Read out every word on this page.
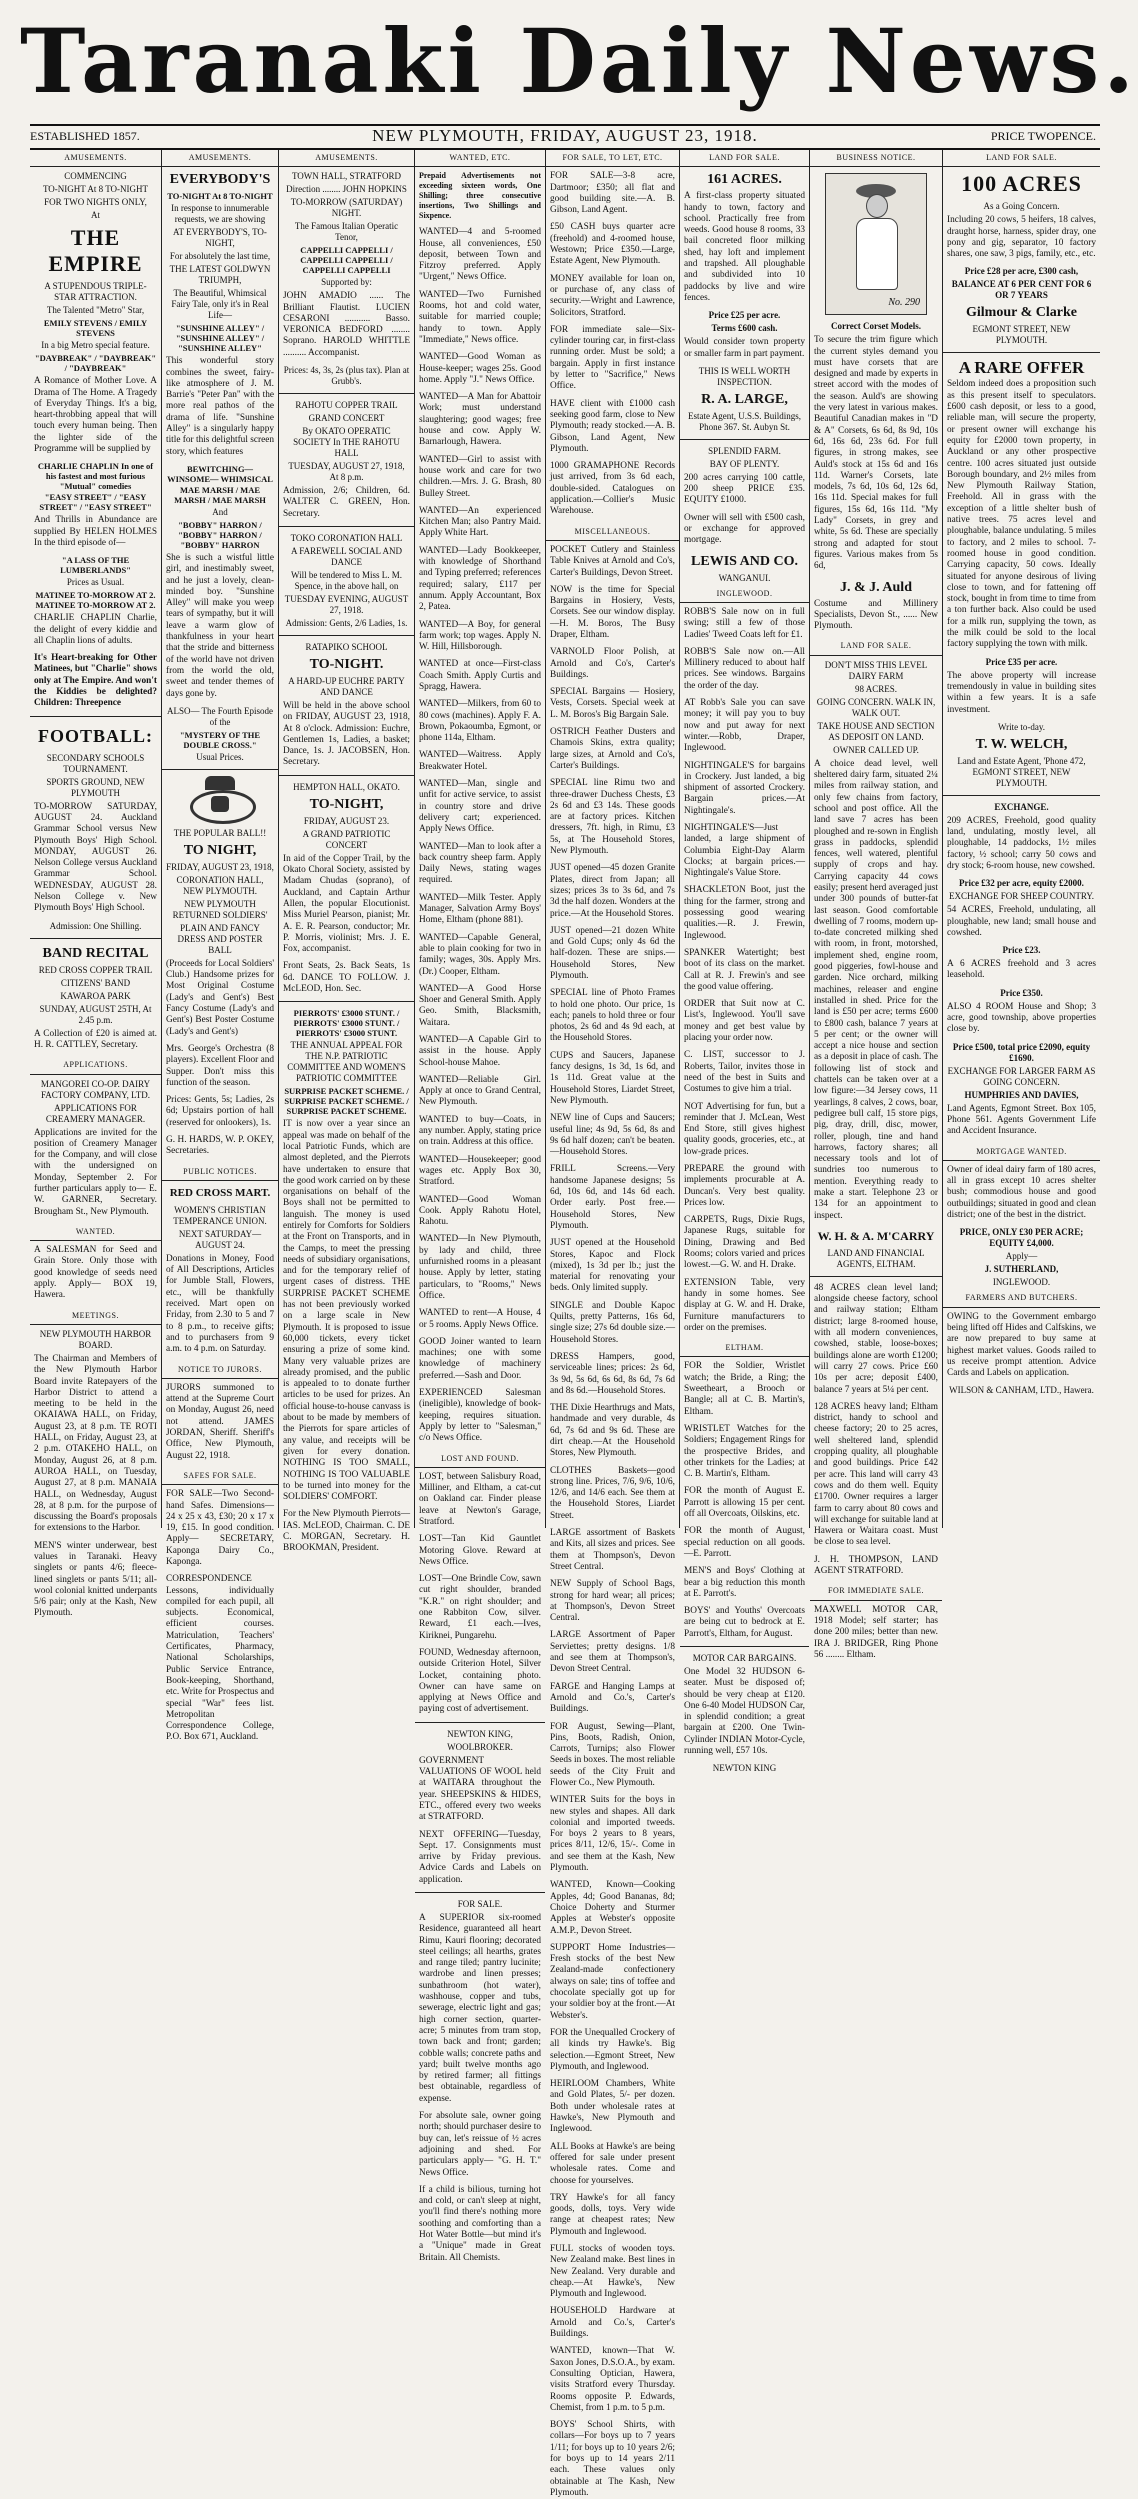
Taranaki Daily News.
ESTABLISHED 1857.	NEW PLYMOUTH, FRIDAY, AUGUST 23, 1918.	PRICE TWOPENCE.
AMUSEMENTS.
COMMENCING
TO-NIGHT At 8 TO-NIGHT
FOR TWO NIGHTS ONLY,
At
THE EMPIRE
A STUPENDOUS TRIPLE-STAR ATTRACTION.
The Talented "Metro" Star,
EMILY STEVENS / EMILY STEVENS
In a big Metro special feature.
"DAYBREAK" / "DAYBREAK" / "DAYBREAK"
A Romance of Mother Love. A Drama of The Home. A Tragedy of Everyday Things. It's a big, heart-throbbing appeal that will touch every human being. Then the lighter side of the Programme will be supplied by
CHARLIE CHAPLIN In one of his fastest and most furious "Mutual" comedies
"EASY STREET" / "EASY STREET" / "EASY STREET"
And Thrills in Abundance are supplied By HELEN HOLMES In the third episode of—
"A LASS OF THE LUMBERLANDS"
Prices as Usual.
MATINEE TO-MORROW AT 2. MATINEE TO-MORROW AT 2.
CHARLIE CHAPLIN Charlie, the delight of every kiddie and all Chaplin lions of adults.
It's Heart-breaking for Other Matinees, but "Charlie" shows only at The Empire. And won't the Kiddies be delighted? Children: Threepence
FOOTBALL:
SECONDARY SCHOOLS TOURNAMENT.
SPORTS GROUND, NEW PLYMOUTH
TO-MORROW SATURDAY, AUGUST 24. Auckland Grammar School versus New Plymouth Boys' High School. MONDAY, AUGUST 26. Nelson College versus Auckland Grammar School. WEDNESDAY, AUGUST 28. Nelson College v. New Plymouth Boys' High School.
Admission: One Shilling.
BAND RECITAL
RED CROSS COPPER TRAIL
CITIZENS' BAND
KAWAROA PARK
SUNDAY, AUGUST 25TH, At 2.45 p.m.
A Collection of £20 is aimed at. H. R. CATTLEY, Secretary.
APPLICATIONS.
MANGOREI CO-OP. DAIRY FACTORY COMPANY, LTD.
APPLICATIONS FOR CREAMERY MANAGER.
Applications are invited for the position of Creamery Manager for the Company, and will close with the undersigned on Monday, September 2. For further particulars apply to— E. W. GARNER, Secretary. Brougham St., New Plymouth.
WANTED.
A SALESMAN for Seed and Grain Store. Only those with good knowledge of seeds need apply. Apply— BOX 19, Hawera.
MEETINGS.
NEW PLYMOUTH HARBOR BOARD.
The Chairman and Members of the New Plymouth Harbor Board invite Ratepayers of the Harbor District to attend a meeting to be held in the OKAIAWA HALL, on Friday, August 23, at 8 p.m. TE ROTI HALL, on Friday, August 23, at 2 p.m. OTAKEHO HALL, on Monday, August 26, at 8 p.m. AUROA HALL, on Tuesday, August 27, at 8 p.m. MANAIA HALL, on Wednesday, August 28, at 8 p.m. for the purpose of discussing the Board's proposals for extensions to the Harbor.
MEN'S winter underwear, best values in Taranaki. Heavy singlets or pants 4/6; fleece-lined singlets or pants 5/11; all-wool colonial knitted underpants 5/6 pair; only at the Kash, New Plymouth.
AMUSEMENTS.
EVERYBODY'S
TO-NIGHT At 8 TO-NIGHT
In response to innumerable requests, we are showing
AT EVERYBODY'S, TO-NIGHT,
For absolutely the last time,
THE LATEST GOLDWYN TRIUMPH,
The Beautiful, Whimsical Fairy Tale, only it's in Real Life—
"SUNSHINE ALLEY" / "SUNSHINE ALLEY" / "SUNSHINE ALLEY"
This wonderful story combines the sweet, fairy-like atmosphere of J. M. Barrie's "Peter Pan" with the more real pathos of the drama of life. "Sunshine Alley" is a singularly happy title for this delightful screen story, which features
BEWITCHING— WINSOME— WHIMSICAL
MAE MARSH / MAE MARSH / MAE MARSH
And
"BOBBY" HARRON / "BOBBY" HARRON / "BOBBY" HARRON
She is such a wistful little girl, and inestimably sweet, and he just a lovely, clean-minded boy. "Sunshine Alley" will make you weep tears of sympathy, but it will leave a warm glow of thankfulness in your heart that the stride and bitterness of the world have not driven from the world the old, sweet and tender themes of days gone by.
ALSO— The Fourth Episode of the
"MYSTERY OF THE DOUBLE CROSS."
Usual Prices.
THE POPULAR BALL!!
TO NIGHT,
FRIDAY, AUGUST 23, 1918,
CORONATION HALL, NEW PLYMOUTH.
NEW PLYMOUTH RETURNED SOLDIERS'
PLAIN AND FANCY DRESS AND POSTER BALL
(Proceeds for Local Soldiers' Club.) Handsome prizes for Most Original Costume (Lady's and Gent's) Best Fancy Costume (Lady's and Gent's) Best Poster Costume (Lady's and Gent's)
Mrs. George's Orchestra (8 players). Excellent Floor and Supper. Don't miss this function of the season.
Prices: Gents, 5s; Ladies, 2s 6d; Upstairs portion of hall (reserved for onlookers), 1s.
G. H. HARDS, W. P. OKEY, Secretaries.
PUBLIC NOTICES.
RED CROSS MART.
WOMEN'S CHRISTIAN TEMPERANCE UNION.
NEXT SATURDAY—AUGUST 24.
Donations in Money, Food of All Descriptions, Articles for Jumble Stall, Flowers, etc., will be thankfully received. Mart open on Friday, from 2.30 to 5 and 7 to 8 p.m., to receive gifts; and to purchasers from 9 a.m. to 4 p.m. on Saturday.
NOTICE TO JURORS.
JURORS summoned to attend at the Supreme Court on Monday, August 26, need not attend. JAMES JORDAN, Sheriff. Sheriff's Office, New Plymouth, August 22, 1918.
SAFES FOR SALE.
FOR SALE—Two Second-hand Safes. Dimensions—24 x 25 x 43, £30; 20 x 17 x 19, £15. In good condition. Apply— SECRETARY, Kaponga Dairy Co., Kaponga.
CORRESPONDENCE Lessons, individually compiled for each pupil, all subjects. Economical, efficient courses. Matriculation, Teachers' Certificates, Pharmacy, National Scholarships, Public Service Entrance, Book-keeping, Shorthand, etc. Write for Prospectus and special "War" fees list. Metropolitan Correspondence College, P.O. Box 671, Auckland.
AMUSEMENTS.
TOWN HALL, STRATFORD
Direction ........ JOHN HOPKINS
TO-MORROW (SATURDAY) NIGHT.
The Famous Italian Operatic Tenor,
CAPPELLI CAPPELLI / CAPPELLI CAPPELLI / CAPPELLI CAPPELLI
Supported by:
JOHN AMADIO ...... The Brilliant Flautist. LUCIEN CESARONI ........... Basso. VERONICA BEDFORD ........ Soprano. HAROLD WHITTLE .......... Accompanist.
Prices: 4s, 3s, 2s (plus tax). Plan at Grubb's.
RAHOTU COPPER TRAIL
GRAND CONCERT
By OKATO OPERATIC SOCIETY In THE RAHOTU HALL
TUESDAY, AUGUST 27, 1918, At 8 p.m.
Admission, 2/6; Children, 6d. WALTER C. GREEN, Hon. Secretary.
TOKO CORONATION HALL
A FAREWELL SOCIAL AND DANCE
Will be tendered to Miss L. M. Spence, in the above hall, on
TUESDAY EVENING, AUGUST 27, 1918.
Admission: Gents, 2/6 Ladies, 1s.
RATAPIKO SCHOOL
TO-NIGHT.
A HARD-UP EUCHRE PARTY AND DANCE
Will be held in the above school on FRIDAY, AUGUST 23, 1918, At 8 o'clock. Admission: Euchre, Gentlemen 1s, Ladies, a basket; Dance, 1s. J. JACOBSEN, Hon. Secretary.
HEMPTON HALL, OKATO.
TO-NIGHT,
FRIDAY, AUGUST 23.
A GRAND PATRIOTIC CONCERT
In aid of the Copper Trail, by the Okato Choral Society, assisted by Madam Chudas (soprano), of Auckland, and Captain Arthur Allen, the popular Elocutionist. Miss Muriel Pearson, pianist; Mr. A. E. R. Pearson, conductor; Mr. P. Morris, violinist; Mrs. J. E. Fox, accompanist.
Front Seats, 2s. Back Seats, 1s 6d. DANCE TO FOLLOW. J. McLEOD, Hon. Sec.
PIERROTS' £3000 STUNT. / PIERROTS' £3000 STUNT. / PIERROTS' £3000 STUNT.
THE ANNUAL APPEAL FOR THE N.P. PATRIOTIC COMMITTEE AND WOMEN'S PATRIOTIC COMMITTEE
SURPRISE PACKET SCHEME. / SURPRISE PACKET SCHEME. / SURPRISE PACKET SCHEME.
IT is now over a year since an appeal was made on behalf of the local Patriotic Funds, which are almost depleted, and the Pierrots have undertaken to ensure that the good work carried on by these organisations on behalf of the Boys shall not be permitted to languish. The money is used entirely for Comforts for Soldiers at the Front on Transports, and in the Camps, to meet the pressing needs of subsidiary organisations, and for the temporary relief of urgent cases of distress. THE SURPRISE PACKET SCHEME has not been previously worked on a large scale in New Plymouth. It is proposed to issue 60,000 tickets, every ticket ensuring a prize of some kind. Many very valuable prizes are already promised, and the public is appealed to to donate further articles to be used for prizes. An official house-to-house canvass is about to be made by members of the Pierrots for spare articles of any value, and receipts will be given for every donation. NOTHING IS TOO SMALL, NOTHING IS TOO VALUABLE to be turned into money for the SOLDIERS' COMFORT.
For the New Plymouth Pierrots— IAS. McLEOD, Chairman. C. DE C. MORGAN, Secretary. H. BROOKMAN, President.
WANTED, ETC.
Prepaid Advertisements not exceeding sixteen words, One Shilling; three consecutive insertions, Two Shillings and Sixpence.
WANTED—4 and 5-roomed House, all conveniences, £50 deposit, between Town and Fitzroy preferred. Apply "Urgent," News Office.
WANTED—Two Furnished Rooms, hot and cold water, suitable for married couple; handy to town. Apply "Immediate," News office.
WANTED—Good Woman as House-keeper; wages 25s. Good home. Apply "J." News Office.
WANTED—A Man for Abattoir Work; must understand slaughtering; good wages; free house and cow. Apply W. Barnarlough, Hawera.
WANTED—Girl to assist with house work and care for two children.—Mrs. J. G. Brash, 80 Bulley Street.
WANTED—An experienced Kitchen Man; also Pantry Maid. Apply White Hart.
WANTED—Lady Bookkeeper, with knowledge of Shorthand and Typing preferred; references required; salary, £117 per annum. Apply Accountant, Box 2, Patea.
WANTED—A Boy, for general farm work; top wages. Apply N. W. Hill, Hillsborough.
WANTED at once—First-class Coach Smith. Apply Curtis and Spragg, Hawera.
WANTED—Milkers, from 60 to 80 cows (machines). Apply F. A. Brown, Pokaoumba, Egmont, or phone 114a, Eltham.
WANTED—Waitress. Apply Breakwater Hotel.
WANTED—Man, single and unfit for active service, to assist in country store and drive delivery cart; experienced. Apply News Office.
WANTED—Man to look after a back country sheep farm. Apply Daily News, stating wages required.
WANTED—Milk Tester. Apply Manager, Salvation Army Boys' Home, Eltham (phone 881).
WANTED—Capable General, able to plain cooking for two in family; wages, 30s. Apply Mrs. (Dr.) Cooper, Eltham.
WANTED—A Good Horse Shoer and General Smith. Apply Geo. Smith, Blacksmith, Waitara.
WANTED—A Capable Girl to assist in the house. Apply School-house Mahoe.
WANTED—Reliable Girl. Apply at once to Grand Central, New Plymouth.
WANTED to buy—Coats, in any number. Apply, stating price on train. Address at this office.
WANTED—Housekeeper; good wages etc. Apply Box 30, Stratford.
WANTED—Good Woman Cook. Apply Rahotu Hotel, Rahotu.
WANTED—In New Plymouth, by lady and child, three unfurnished rooms in a pleasant house. Apply by letter, stating particulars, to "Rooms," News Office.
WANTED to rent—A House, 4 or 5 rooms. Apply News Office.
GOOD Joiner wanted to learn machines; one with some knowledge of machinery preferred.—Sash and Door.
EXPERIENCED Salesman (ineligible), knowledge of book-keeping, requires situation. Apply by letter to "Salesman," c/o News Office.
LOST AND FOUND.
LOST, between Salisbury Road, Milliner, and Eltham, a cat-cut on Oakland car. Finder please leave at Newton's Garage, Stratford.
LOST—Tan Kid Gauntlet Motoring Glove. Reward at News Office.
LOST—One Brindle Cow, sawn cut right shoulder, branded "K.R." on right shoulder; and one Rabbiton Cow, silver. Reward, £1 each.—Ives, Kiriknei, Pungarehu.
FOUND, Wednesday afternoon, outside Criterion Hotel, Silver Locket, containing photo. Owner can have same on applying at News Office and paying cost of advertisement.
NEWTON KING,
WOOLBROKER.
GOVERNMENT VALUATIONS OF WOOL held at WAITARA throughout the year. SHEEPSKINS & HIDES, ETC., offered every two weeks at STRATFORD.
NEXT OFFERING—Tuesday, Sept. 17. Consignments must arrive by Friday previous. Advice Cards and Labels on application.
FOR SALE.
A SUPERIOR six-roomed Residence, guaranteed all heart Rimu, Kauri flooring; decorated steel ceilings; all hearths, grates and range tiled; pantry lucinite; wardrobe and linen presses; sunbathroom (hot water), washhouse, copper and tubs, sewerage, electric light and gas; high corner section, quarter-acre; 5 minutes from tram stop, town back and front; garden; cobble walls; concrete paths and yard; built twelve months ago by retired farmer; all fittings best obtainable, regardless of expense.
For absolute sale, owner going north; should purchaser desire to buy can, let's reissue of ½ acres adjoining and shed. For particulars apply— "G. H. T." News Office.
If a child is bilious, turning hot and cold, or can't sleep at night, you'll find there's nothing more soothing and comforting than a Hot Water Bottle—but mind it's a "Unique" made in Great Britain. All Chemists.
FOR SALE, TO LET, ETC.
FOR SALE—3-8 acre, Dartmoor; £350; all flat and good building site.—A. B. Gibson, Land Agent.
£50 CASH buys quarter acre (freehold) and 4-roomed house, Westown; Price £350.—Large, Estate Agent, New Plymouth.
MONEY available for loan on, or purchase of, any class of security.—Wright and Lawrence, Solicitors, Stratford.
FOR immediate sale—Six-cylinder touring car, in first-class running order. Must be sold; a bargain. Apply in first instance by letter to "Sacrifice," News Office.
HAVE client with £1000 cash seeking good farm, close to New Plymouth; ready stocked.—A. B. Gibson, Land Agent, New Plymouth.
1000 GRAMAPHONE Records just arrived, from 3s 6d each, double-sided. Catalogues on application.—Collier's Music Warehouse.
MISCELLANEOUS.
POCKET Cutlery and Stainless Table Knives at Arnold and Co's, Carter's Buildings, Devon Street.
NOW is the time for Special Bargains in Hosiery, Vests, Corsets. See our window display.—H. M. Boros, The Busy Draper, Eltham.
VARNOLD Floor Polish, at Arnold and Co's, Carter's Buildings.
SPECIAL Bargains — Hosiery, Vests, Corsets. Special week at L. M. Boros's Big Bargain Sale.
OSTRICH Feather Dusters and Chamois Skins, extra quality; large sizes, at Arnold and Co's, Carter's Buildings.
SPECIAL line Rimu two and three-drawer Duchess Chests, £3 2s 6d and £3 14s. These goods are at factory prices. Kitchen dressers, 7ft. high, in Rimu, £3 5s, at The Household Stores, New Plymouth.
JUST opened—45 dozen Granite Plates, direct from Japan; all sizes; prices 3s to 3s 6d, and 7s 3d the half dozen. Wonders at the price.—At the Household Stores.
JUST opened—21 dozen White and Gold Cups; only 4s 6d the half-dozen. These are snips.—Household Stores, New Plymouth.
SPECIAL line of Photo Frames to hold one photo. Our price, 1s each; panels to hold three or four photos, 2s 6d and 4s 9d each, at the Household Stores.
CUPS and Saucers, Japanese fancy designs, 1s 3d, 1s 6d, and 1s 11d. Great value at the Household Stores, Liardet Street, New Plymouth.
NEW line of Cups and Saucers; useful line; 4s 9d, 5s 6d, 8s and 9s 6d half dozen; can't be beaten.—Household Stores.
FRILL Screens.—Very handsome Japanese designs; 5s 6d, 10s 6d, and 14s 6d each. Order early. Post free.—Household Stores, New Plymouth.
JUST opened at the Household Stores, Kapoc and Flock (mixed), 1s 3d per lb.; just the material for renovating your beds. Only limited supply.
SINGLE and Double Kapoc Quilts, pretty Patterns, 16s 6d, single size; 27s 6d double size.—Household Stores.
DRESS Hampers, good, serviceable lines; prices: 2s 6d, 3s 9d, 5s 6d, 6s 6d, 8s 6d, 7s 6d and 8s 6d.—Household Stores.
THE Dixie Hearthrugs and Mats, handmade and very durable, 4s 6d, 7s 6d and 9s 6d. These are dirt cheap.—At the Household Stores, New Plymouth.
CLOTHES Baskets—good strong line. Prices, 7/6, 9/6, 10/6, 12/6, and 14/6 each. See them at the Household Stores, Liardet Street.
LARGE assortment of Baskets and Kits, all sizes and prices. See them at Thompson's, Devon Street Central.
NEW Supply of School Bags, strong for hard wear; all prices; at Thompson's, Devon Street Central.
LARGE Assortment of Paper Serviettes; pretty designs. 1/8 and see them at Thompson's, Devon Street Central.
FARGE and Hanging Lamps at Arnold and Co.'s, Carter's Buildings.
FOR August, Sewing—Plant, Pins, Boots, Radish, Onion, Carrots, Turnips; also Flower Seeds in boxes. The most reliable seeds of the City Fruit and Flower Co., New Plymouth.
WINTER Suits for the boys in new styles and shapes. All dark colonial and imported tweeds. For boys 2 years to 8 years, prices 8/11, 12/6, 15/-. Come in and see them at the Kash, New Plymouth.
WANTED, Known—Cooking Apples, 4d; Good Bananas, 8d; Choice Doherty and Sturmer Apples at Webster's opposite A.M.P., Devon Street.
SUPPORT Home Industries—Fresh stocks of the best New Zealand-made confectionery always on sale; tins of toffee and chocolate specially got up for your soldier boy at the front.—At Webster's.
FOR the Unequalled Crockery of all kinds try Hawke's. Big selection.—Egmont Street, New Plymouth, and Inglewood.
HEIRLOOM Chambers, White and Gold Plates, 5/- per dozen. Both under wholesale rates at Hawke's, New Plymouth and Inglewood.
ALL Books at Hawke's are being offered for sale under present wholesale rates. Come and choose for yourselves.
TRY Hawke's for all fancy goods, dolls, toys. Very wide range at cheapest rates; New Plymouth and Inglewood.
FULL stocks of wooden toys. New Zealand make. Best lines in New Zealand. Very durable and cheap.—At Hawke's, New Plymouth and Inglewood.
HOUSEHOLD Hardware at Arnold and Co.'s, Carter's Buildings.
WANTED, known—That W. Saxon Jones, D.S.O.A., by exam. Consulting Optician, Hawera, visits Stratford every Thursday. Rooms opposite P. Edwards, Chemist, from 1 p.m. to 5 p.m.
BOYS' School Shirts, with collars—For boys up to 7 years 1/11; for boys up to 10 years 2/6; for boys up to 14 years 2/11 each. These values only obtainable at The Kash, New Plymouth.
LAND FOR SALE.
161 ACRES.
A first-class property situated handy to town, factory and school. Practically free from weeds. Good house 8 rooms, 33 bail concreted floor milking shed, hay loft and implement and trapshed. All ploughable and subdivided into 10 paddocks by live and wire fences.
Price £25 per acre.
Terms £600 cash.
Would consider town property or smaller farm in part payment.
THIS IS WELL WORTH INSPECTION.
R. A. LARGE,
Estate Agent, U.S.S. Buildings, Phone 367. St. Aubyn St.
SPLENDID FARM.
BAY OF PLENTY.
200 acres carrying 100 cattle, 200 sheep PRICE £35. EQUITY £1000.
Owner will sell with £500 cash, or exchange for approved mortgage.
LEWIS AND CO.
WANGANUI.
INGLEWOOD.
ROBB'S Sale now on in full swing; still a few of those Ladies' Tweed Coats left for £1.
ROBB'S Sale now on.—All Millinery reduced to about half prices. See windows. Bargains the order of the day.
AT Robb's Sale you can save money; it will pay you to buy now and put away for next winter.—Robb, Draper, Inglewood.
NIGHTINGALE'S for bargains in Crockery. Just landed, a big shipment of assorted Crockery. Bargain prices.—At Nightingale's.
NIGHTINGALE'S—Just landed, a large shipment of Columbia Eight-Day Alarm Clocks; at bargain prices.—Nightingale's Value Store.
SHACKLETON Boot, just the thing for the farmer, strong and possessing good wearing qualities.—R. J. Frewin, Inglewood.
SPANKER Watertight; best boot of its class on the market. Call at R. J. Frewin's and see the good value offering.
ORDER that Suit now at C. List's, Inglewood. You'll save money and get best value by placing your order now.
C. LIST, successor to J. Roberts, Tailor, invites those in need of the best in Suits and Costumes to give him a trial.
NOT Advertising for fun, but a reminder that J. McLean, West End Store, still gives highest quality goods, groceries, etc., at low-grade prices.
PREPARE the ground with implements procurable at A. Duncan's. Very best quality. Prices low.
CARPETS, Rugs, Dixie Rugs, Japanese Rugs, suitable for Dining, Drawing and Bed Rooms; colors varied and prices lowest.—G. W. and H. Drake.
EXTENSION Table, very handy in some homes. See display at G. W. and H. Drake, Furniture manufacturers to order on the premises.
ELTHAM.
FOR the Soldier, Wristlet watch; the Bride, a Ring; the Sweetheart, a Brooch or Bangle; all at C. B. Martin's, Eltham.
WRISTLET Watches for the Soldiers; Engagement Rings for the prospective Brides, and other trinkets for the Ladies; at C. B. Martin's, Eltham.
FOR the month of August E. Parrott is allowing 15 per cent. off all Overcoats, Oilskins, etc.
FOR the month of August, special reduction on all goods.—E. Parrott.
MEN'S and Boys' Clothing at bear a big reduction this month at E. Parrott's.
BOYS' and Youths' Overcoats are being cut to bedrock at E. Parrott's, Eltham, for August.
MOTOR CAR BARGAINS.
One Model 32 HUDSON 6-seater. Must be disposed of; should be very cheap at £120. One 6-40 Model HUDSON Car, in splendid condition; a great bargain at £200. One Twin-Cylinder INDIAN Motor-Cycle, running well, £57 10s.
NEWTON KING
BUSINESS NOTICE.
No. 290
Correct Corset Models.
To secure the trim figure which the current styles demand you must have corsets that are designed and made by experts in street accord with the modes of the season. Auld's are showing the very latest in various makes. Beautiful Canadian makes in "D & A" Corsets, 6s 6d, 8s 9d, 10s 6d, 16s 6d, 23s 6d. For full figures, in strong makes, see Auld's stock at 15s 6d and 16s 11d. Warner's Corsets, late models, 7s 6d, 10s 6d, 12s 6d, 16s 11d. Special makes for full figures, 15s 6d, 16s 11d. "My Lady" Corsets, in grey and white, 5s 6d. These are specially strong and adapted for stout figures. Various makes from 5s 6d,
J. & J. Auld
Costume and Millinery Specialists, Devon St., ...... New Plymouth.
LAND FOR SALE.
DON'T MISS THIS LEVEL DAIRY FARM
98 ACRES.
GOING CONCERN. WALK IN, WALK OUT.
TAKE HOUSE AND SECTION AS DEPOSIT ON LAND.
OWNER CALLED UP.
A choice dead level, well sheltered dairy farm, situated 2¼ miles from railway station, and only few chains from factory, school and post office. All the land save 7 acres has been ploughed and re-sown in English grass in paddocks, splendid fences, well watered, plentiful supply of crops and hay. Carrying capacity 44 cows easily; present herd averaged just under 300 pounds of butter-fat last season. Good comfortable dwelling of 7 rooms, modern up-to-date concreted milking shed with room, in front, motorshed, implement shed, engine room, good piggeries, fowl-house and garden. Nice orchard, milking machines, releaser and engine installed in shed. Price for the land is £50 per acre; terms £600 to £800 cash, balance 7 years at 5 per cent; or the owner will accept a nice house and section as a deposit in place of cash. The following list of stock and chattels can be taken over at a low figure:—34 Jersey cows, 11 yearlings, 8 calves, 2 cows, boar, pedigree bull calf, 15 store pigs, pig, dray, drill, disc, mower, roller, plough, tine and hand harrows, factory shares; all necessary tools and lot of sundries too numerous to mention. Everything ready to make a start. Telephone 23 or 134 for an appointment to inspect.
W. H. & A. M'CARRY
LAND AND FINANCIAL AGENTS, ELTHAM.
48 ACRES clean level land; alongside cheese factory, school and railway station; Eltham district; large 8-roomed house, with all modern conveniences, cowshed, stable, loose-boxes; buildings alone are worth £1200; will carry 27 cows. Price £60 10s per acre; deposit £400, balance 7 years at 5¼ per cent.
128 ACRES heavy land; Eltham district, handy to school and cheese factory; 20 to 25 acres, well sheltered land, splendid cropping quality, all ploughable and good buildings. Price £42 per acre. This land will carry 43 cows and do them well. Equity £1700. Owner requires a larger farm to carry about 80 cows and will exchange for suitable land at Hawera or Waitara coast. Must be close to sea level.
J. H. THOMPSON, LAND AGENT STRATFORD.
FOR IMMEDIATE SALE.
MAXWELL MOTOR CAR, 1918 Model; self starter; has done 200 miles; better than new. IRA J. BRIDGER, Ring Phone 56 ........ Eltham.
LAND FOR SALE.
100 ACRES
As a Going Concern.
Including 20 cows, 5 heifers, 18 calves, draught horse, harness, spider dray, one pony and gig, separator, 10 factory shares, one saw, 3 pigs, family, etc., etc.
Price £28 per acre, £300 cash,
BALANCE AT 6 PER CENT FOR 6 OR 7 YEARS
Gilmour & Clarke
EGMONT STREET, NEW PLYMOUTH.
A RARE OFFER
Seldom indeed does a proposition such as this present itself to speculators. £600 cash deposit, or less to a good, reliable man, will secure the property, or present owner will exchange his equity for £2000 town property, in Auckland or any other prospective centre. 100 acres situated just outside Borough boundary, and 2½ miles from New Plymouth Railway Station, Freehold. All in grass with the exception of a little shelter bush of native trees. 75 acres level and ploughable, balance undulating. 5 miles to factory, and 2 miles to school. 7-roomed house in good condition. Carrying capacity, 50 cows. Ideally situated for anyone desirous of living close to town, and for fattening off stock, bought in from time to time from a ton further back. Also could be used for a milk run, supplying the town, as the milk could be sold to the local factory supplying the town with milk.
Price £35 per acre.
The above property will increase tremendously in value in building sites within a few years. It is a safe investment.
Write to-day.
T. W. WELCH,
Land and Estate Agent, 'Phone 472, EGMONT STREET, NEW PLYMOUTH.
EXCHANGE.
209 ACRES, Freehold, good quality land, undulating, mostly level, all ploughable, 14 paddocks, 1½ miles factory, ½ school; carry 50 cows and dry stock; 6-room house, new cowshed.
Price £32 per acre, equity £2000.
EXCHANGE FOR SHEEP COUNTRY.
54 ACRES, Freehold, undulating, all ploughable, new land; small house and cowshed.
Price £23.
A 6 ACRES freehold and 3 acres leasehold.
Price £350.
ALSO 4 ROOM House and Shop; 3 acre, good township, above properties close by.
Price £500, total price £2090, equity £1690.
EXCHANGE FOR LARGER FARM AS GOING CONCERN.
HUMPHRIES AND DAVIES,
Land Agents, Egmont Street. Box 105, Phone 561. Agents Government Life and Accident Insurance.
MORTGAGE WANTED.
Owner of ideal dairy farm of 180 acres, all in grass except 10 acres shelter bush; commodious house and good outbuildings; situated in good and clean district; one of the best in the district.
PRICE, ONLY £30 PER ACRE; EQUITY £4,000.
Apply—
J. SUTHERLAND,
INGLEWOOD.
FARMERS AND BUTCHERS.
OWING to the Government embargo being lifted off Hides and Calfskins, we are now prepared to buy same at highest market values. Goods railed to us receive prompt attention. Advice Cards and Labels on application.
WILSON & CANHAM, LTD., Hawera.
